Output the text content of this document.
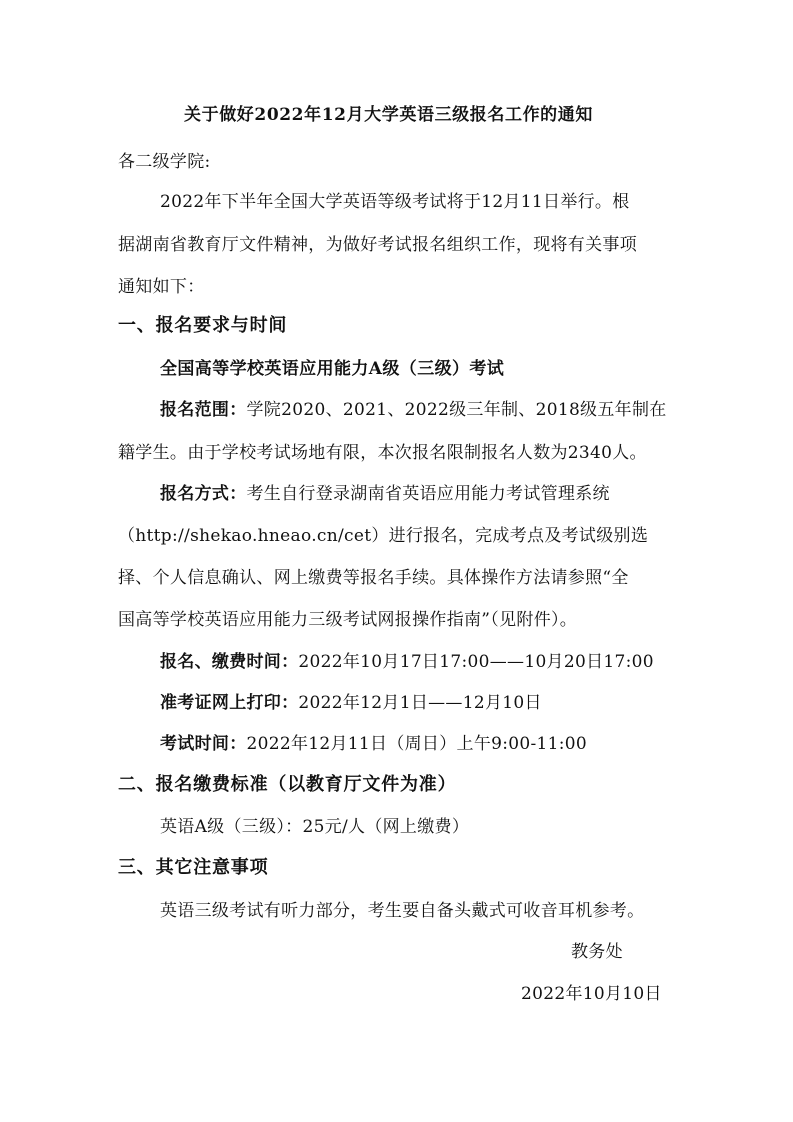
关于做好2022年12月大学英语三级报名工作的通知
各二级学院:
2022年下半年全国大学英语等级考试将于12月11日举行。根
据湖南省教育厅文件精神，为做好考试报名组织工作，现将有关事项
通知如下：
一、报名要求与时间
全国高等学校英语应用能力A级（三级）考试
报名范围：学院2020、2021、2022级三年制、2018级五年制在
籍学生。由于学校考试场地有限，本次报名限制报名人数为2340人。
报名方式：考生自行登录湖南省英语应用能力考试管理系统
（http://shekao.hneao.cn/cet）进行报名，完成考点及考试级别选
择、个人信息确认、网上缴费等报名手续。具体操作方法请参照“全
国高等学校英语应用能力三级考试网报操作指南”（见附件）。
报名、缴费时间：2022年10月17日17:00——10月20日17:00
准考证网上打印：2022年12月1日——12月10日
考试时间：2022年12月11日（周日）上午9:00-11:00
二、报名缴费标准（以教育厅文件为准）
英语A级（三级）：25元/人（网上缴费）
三、其它注意事项
英语三级考试有听力部分，考生要自备头戴式可收音耳机参考。
教务处
2022年10月10日
